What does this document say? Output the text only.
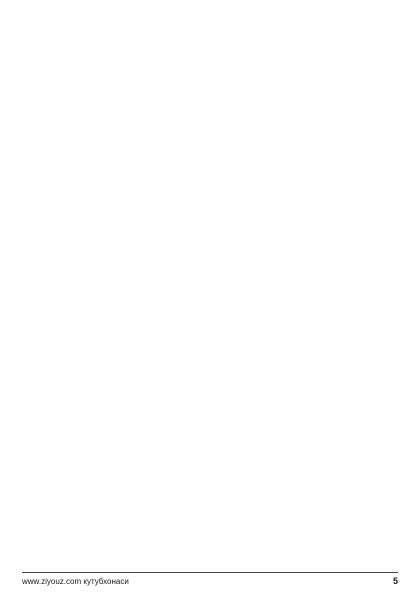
www.ziyouz.com кутубхонаси	5
